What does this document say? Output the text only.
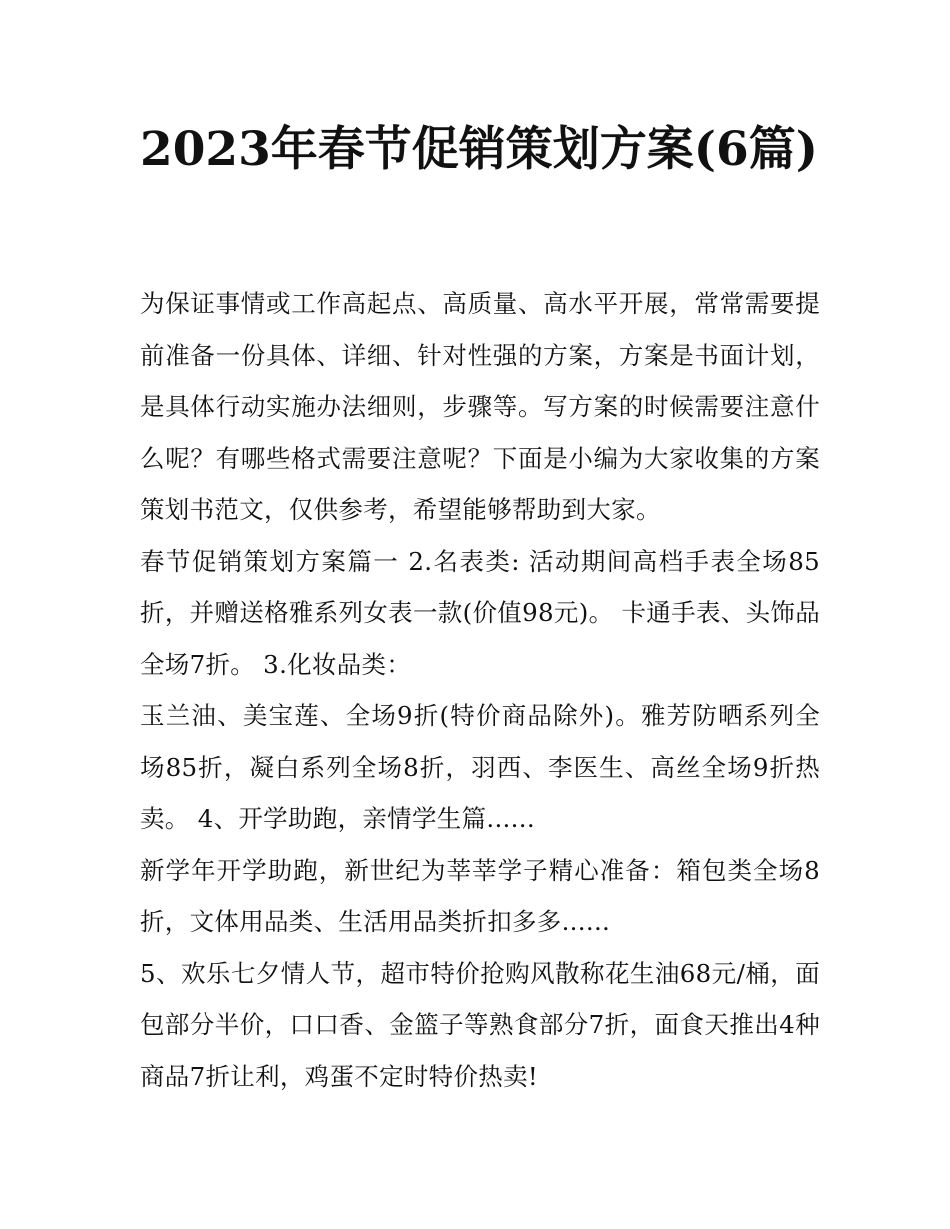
2023年春节促销策划方案(6篇)

为保证事情或工作高起点、高质量、高水平开展，常常需要提前准备一份具体、详细、针对性强的方案，方案是书面计划，是具体行动实施办法细则，步骤等。写方案的时候需要注意什么呢？有哪些格式需要注意呢？下面是小编为大家收集的方案策划书范文，仅供参考，希望能够帮助到大家。

春节促销策划方案篇一 2.名表类: 活动期间高档手表全场85折，并赠送格雅系列女表一款(价值98元)。 卡通手表、头饰品全场7折。 3.化妆品类：

玉兰油、美宝莲、全场9折(特价商品除外)。雅芳防晒系列全场85折，凝白系列全场8折，羽西、李医生、高丝全场9折热卖。 4、开学助跑，亲情学生篇......

新学年开学助跑，新世纪为莘莘学子精心准备：箱包类全场8折，文体用品类、生活用品类折扣多多......

5、欢乐七夕情人节，超市特价抢购风散称花生油68元/桶，面包部分半价，口口香、金篮子等熟食部分7折，面食天推出4种商品7折让利，鸡蛋不定时特价热卖!
